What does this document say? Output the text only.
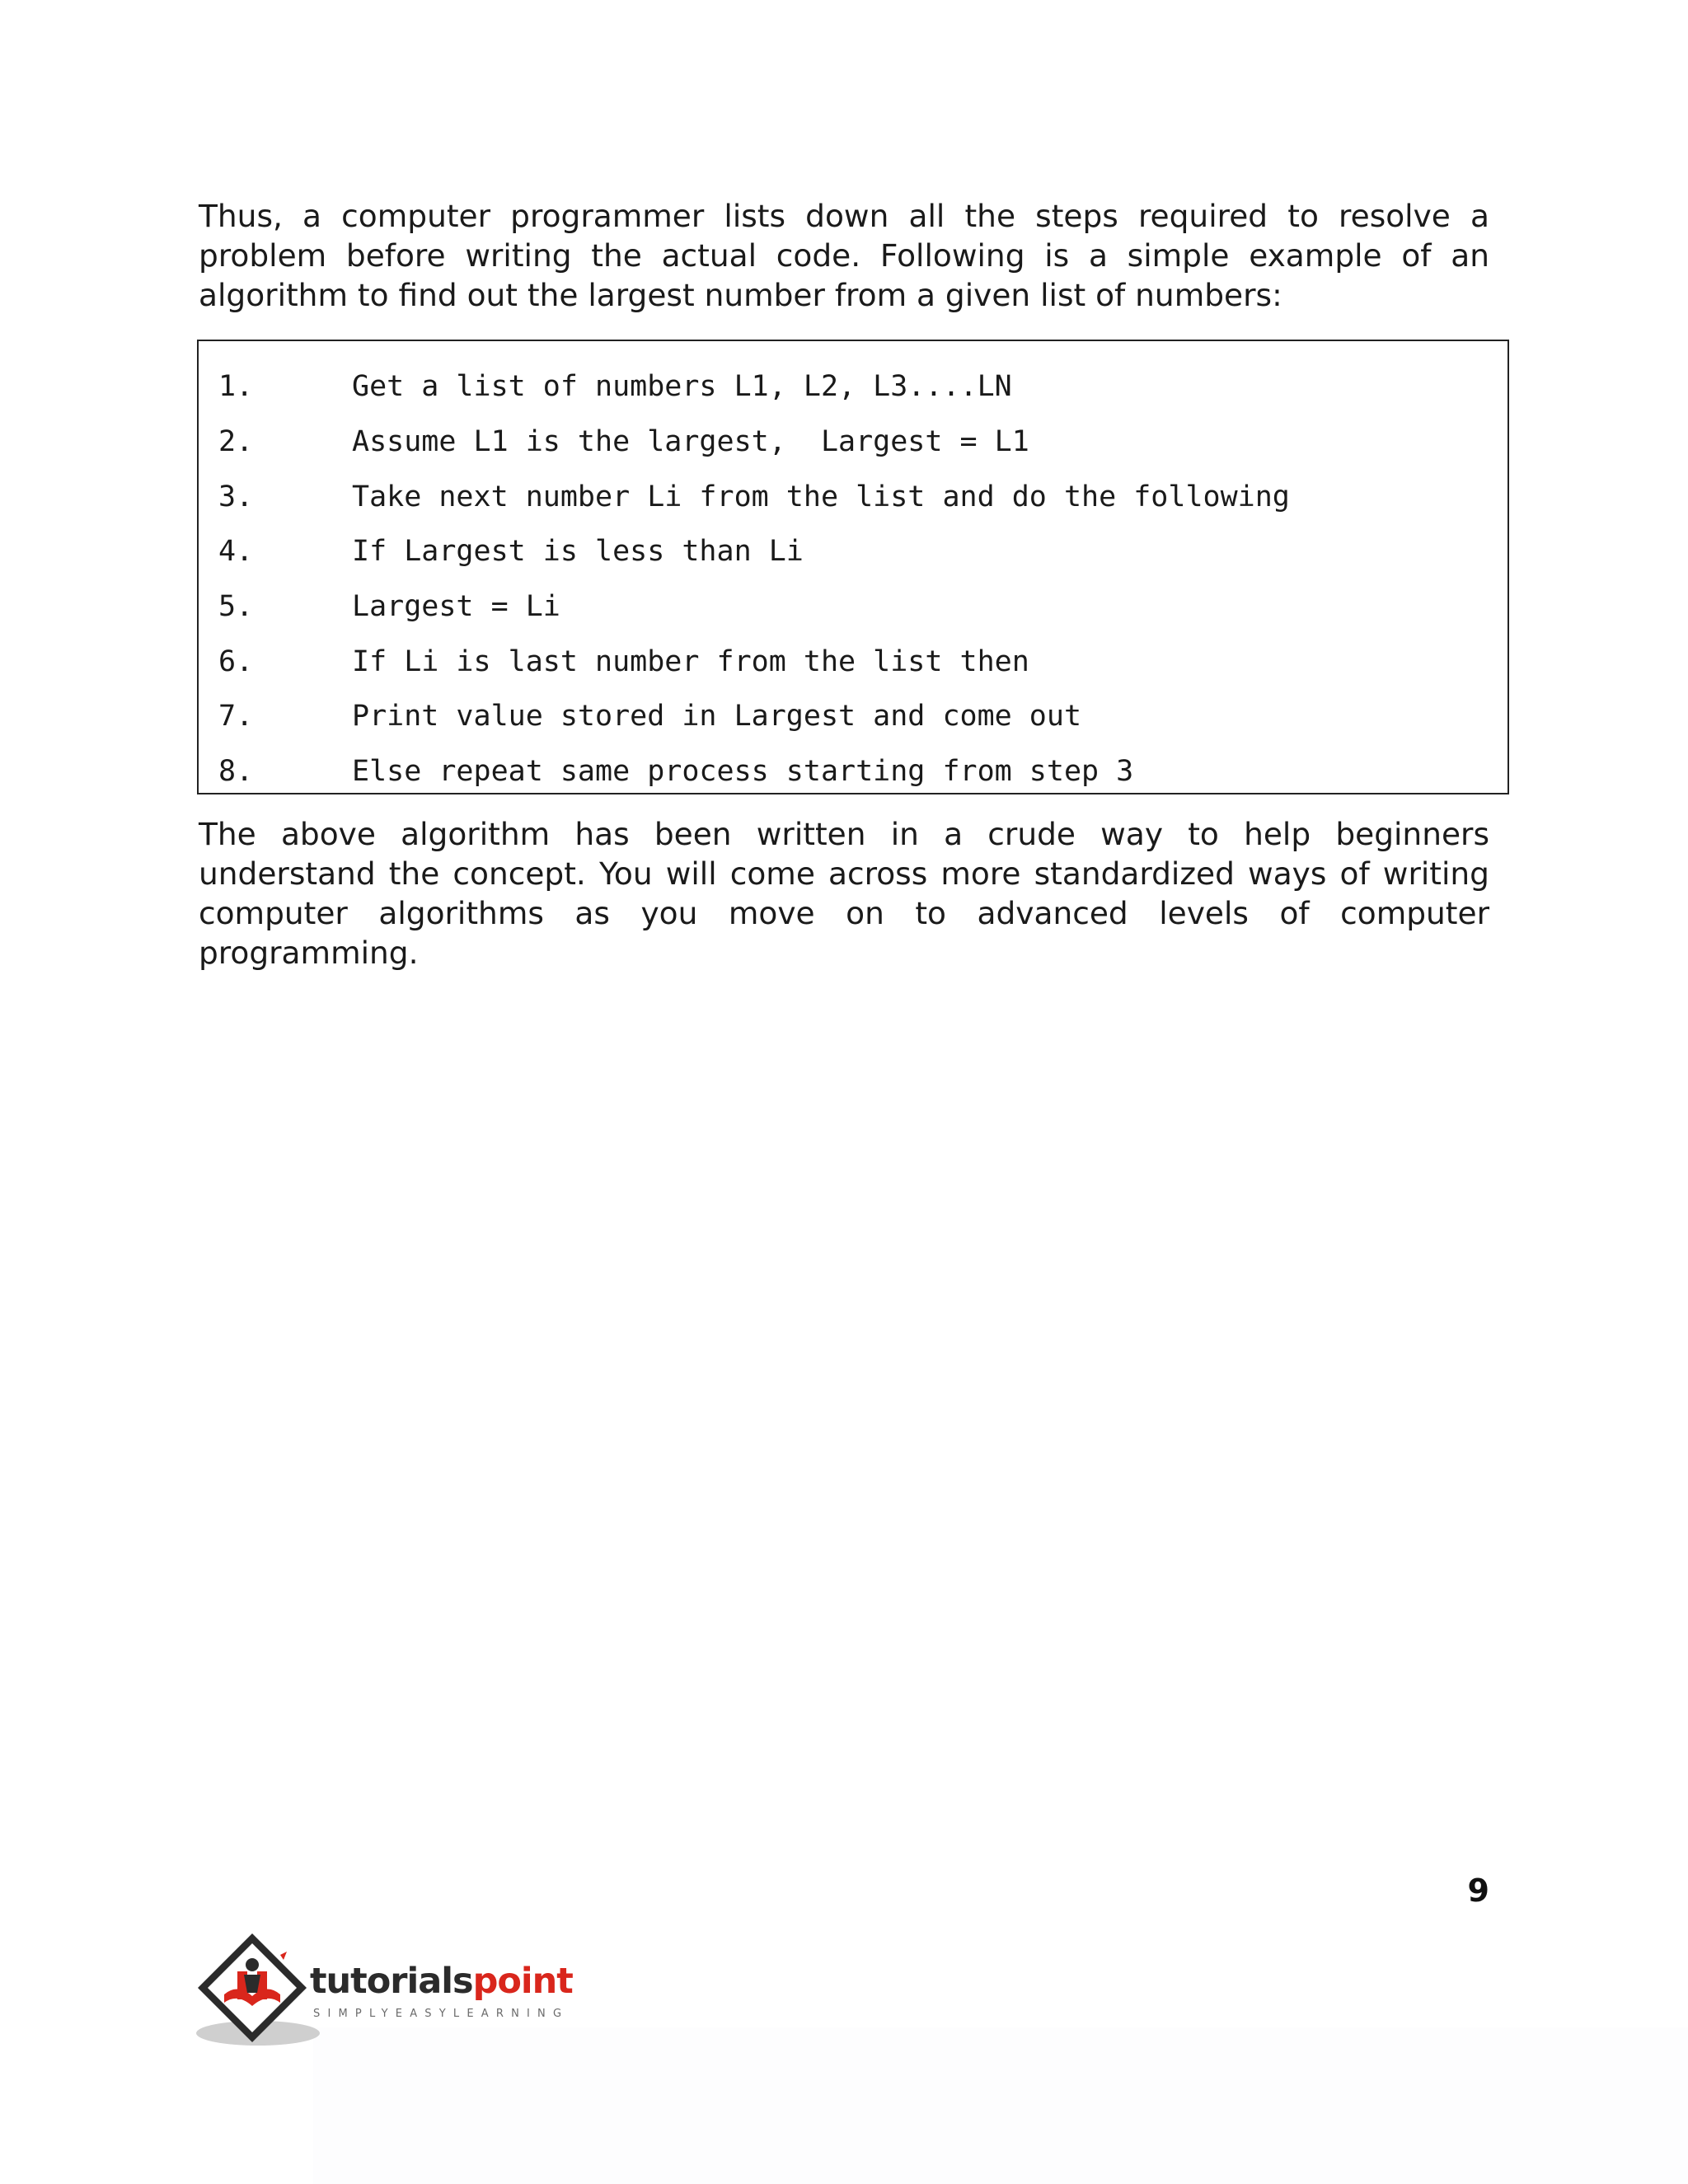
Thus, a computer programmer lists down all the steps required to resolve a problem before writing the actual code. Following is a simple example of an algorithm to find out the largest number from a given list of numbers:

1.	Get a list of numbers L1, L2, L3....LN
2.	Assume L1 is the largest,  Largest = L1
3.	Take next number Li from the list and do the following
4.	If Largest is less than Li
5.	Largest = Li
6.	If Li is last number from the list then
7.	Print value stored in Largest and come out
8.	Else repeat same process starting from step 3

The above algorithm has been written in a crude way to help beginners understand the concept. You will come across more standardized ways of writing computer algorithms as you move on to advanced levels of computer programming.

9
tutorialspoint
SIMPLYEASYLEARNING
